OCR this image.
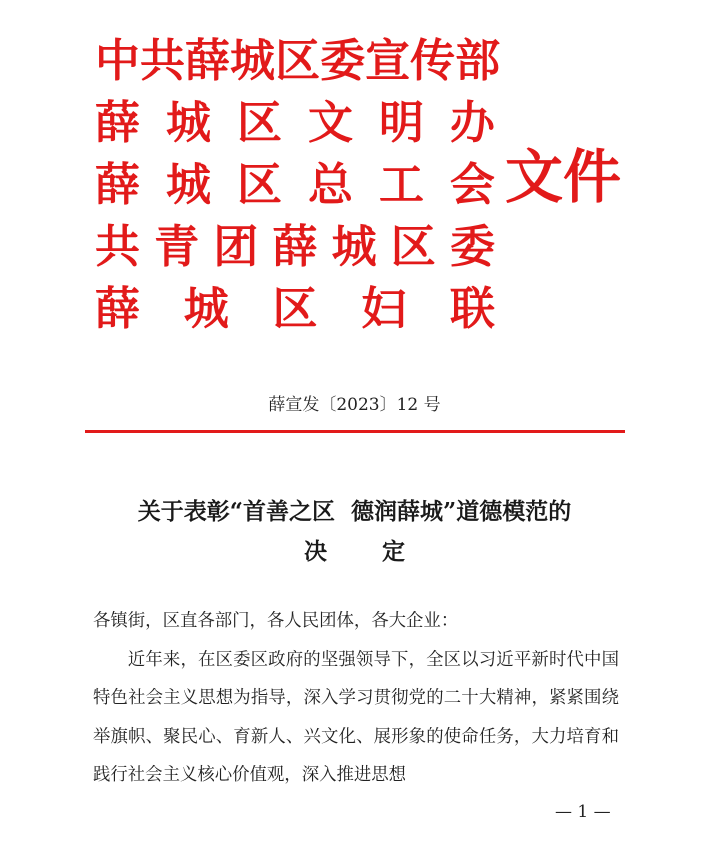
中 共 薛 城 区 委 宣 传 部
薛 城 区 文 明 办
薛 城 区 总 工 会
共 青 团 薛 城 区 委
薛 城 区 妇 联
文件
薛宣发〔2023〕12 号
关于表彰“首善之区  德润薛城”道德模范的
决定

各镇街，区直各部门，各人民团体，各大企业：

近年来，在区委区政府的坚强领导下，全区以习近平新时代中国特色社会主义思想为指导，深入学习贯彻党的二十大精神，紧紧围绕举旗帜、聚民心、育新人、兴文化、展形象的使命任务，大力培育和践行社会主义核心价值观，深入推进思想

— 1 —
